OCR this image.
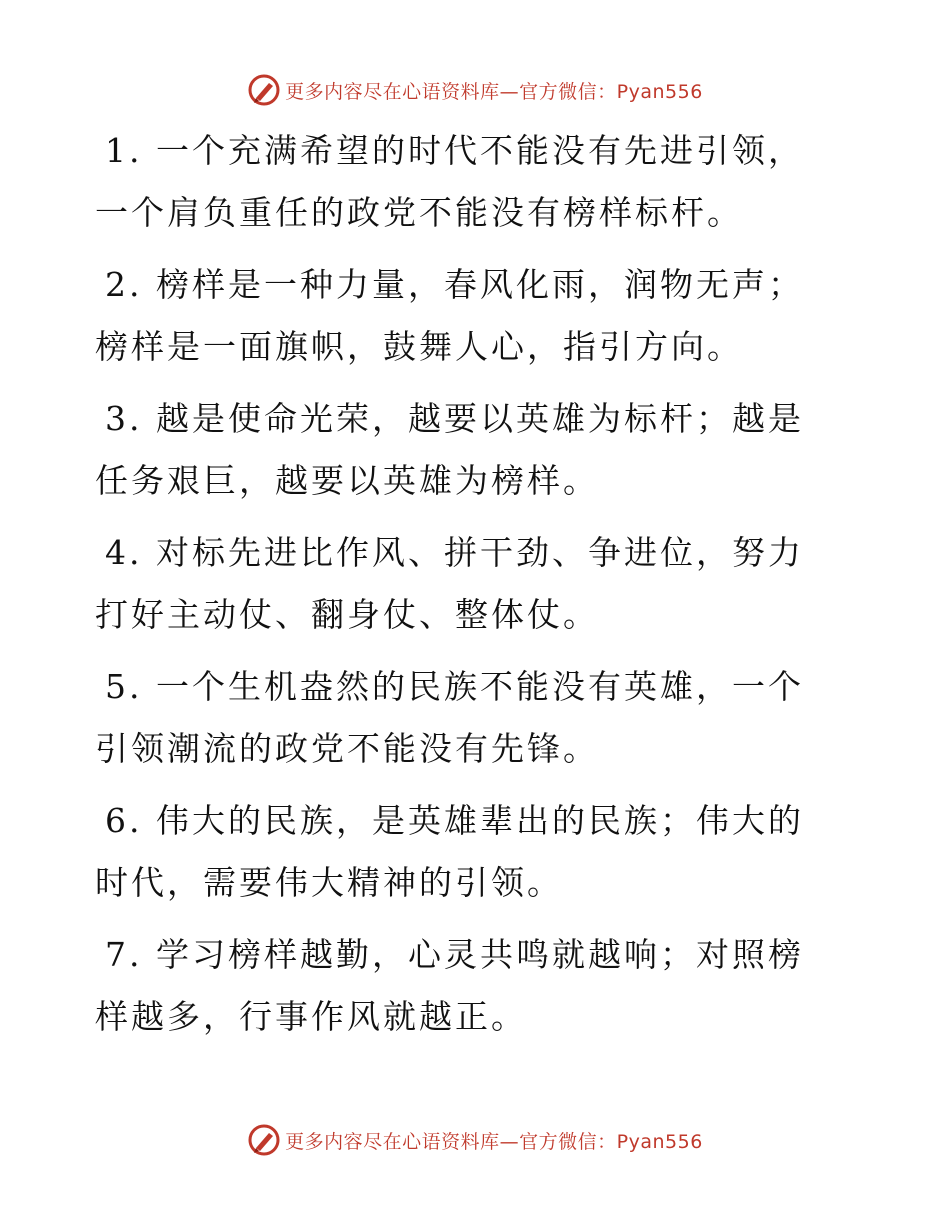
更多内容尽在心语资料库—官方微信：Pyan556

1. 一个充满希望的时代不能没有先进引领，一个肩负重任的政党不能没有榜样标杆。

2. 榜样是一种力量，春风化雨，润物无声；榜样是一面旗帜，鼓舞人心，指引方向。

3. 越是使命光荣，越要以英雄为标杆；越是任务艰巨，越要以英雄为榜样。

4. 对标先进比作风、拼干劲、争进位，努力打好主动仗、翻身仗、整体仗。

5. 一个生机盎然的民族不能没有英雄，一个引领潮流的政党不能没有先锋。

6. 伟大的民族，是英雄辈出的民族；伟大的时代，需要伟大精神的引领。

7. 学习榜样越勤，心灵共鸣就越响；对照榜样越多，行事作风就越正。

更多内容尽在心语资料库—官方微信：Pyan556
